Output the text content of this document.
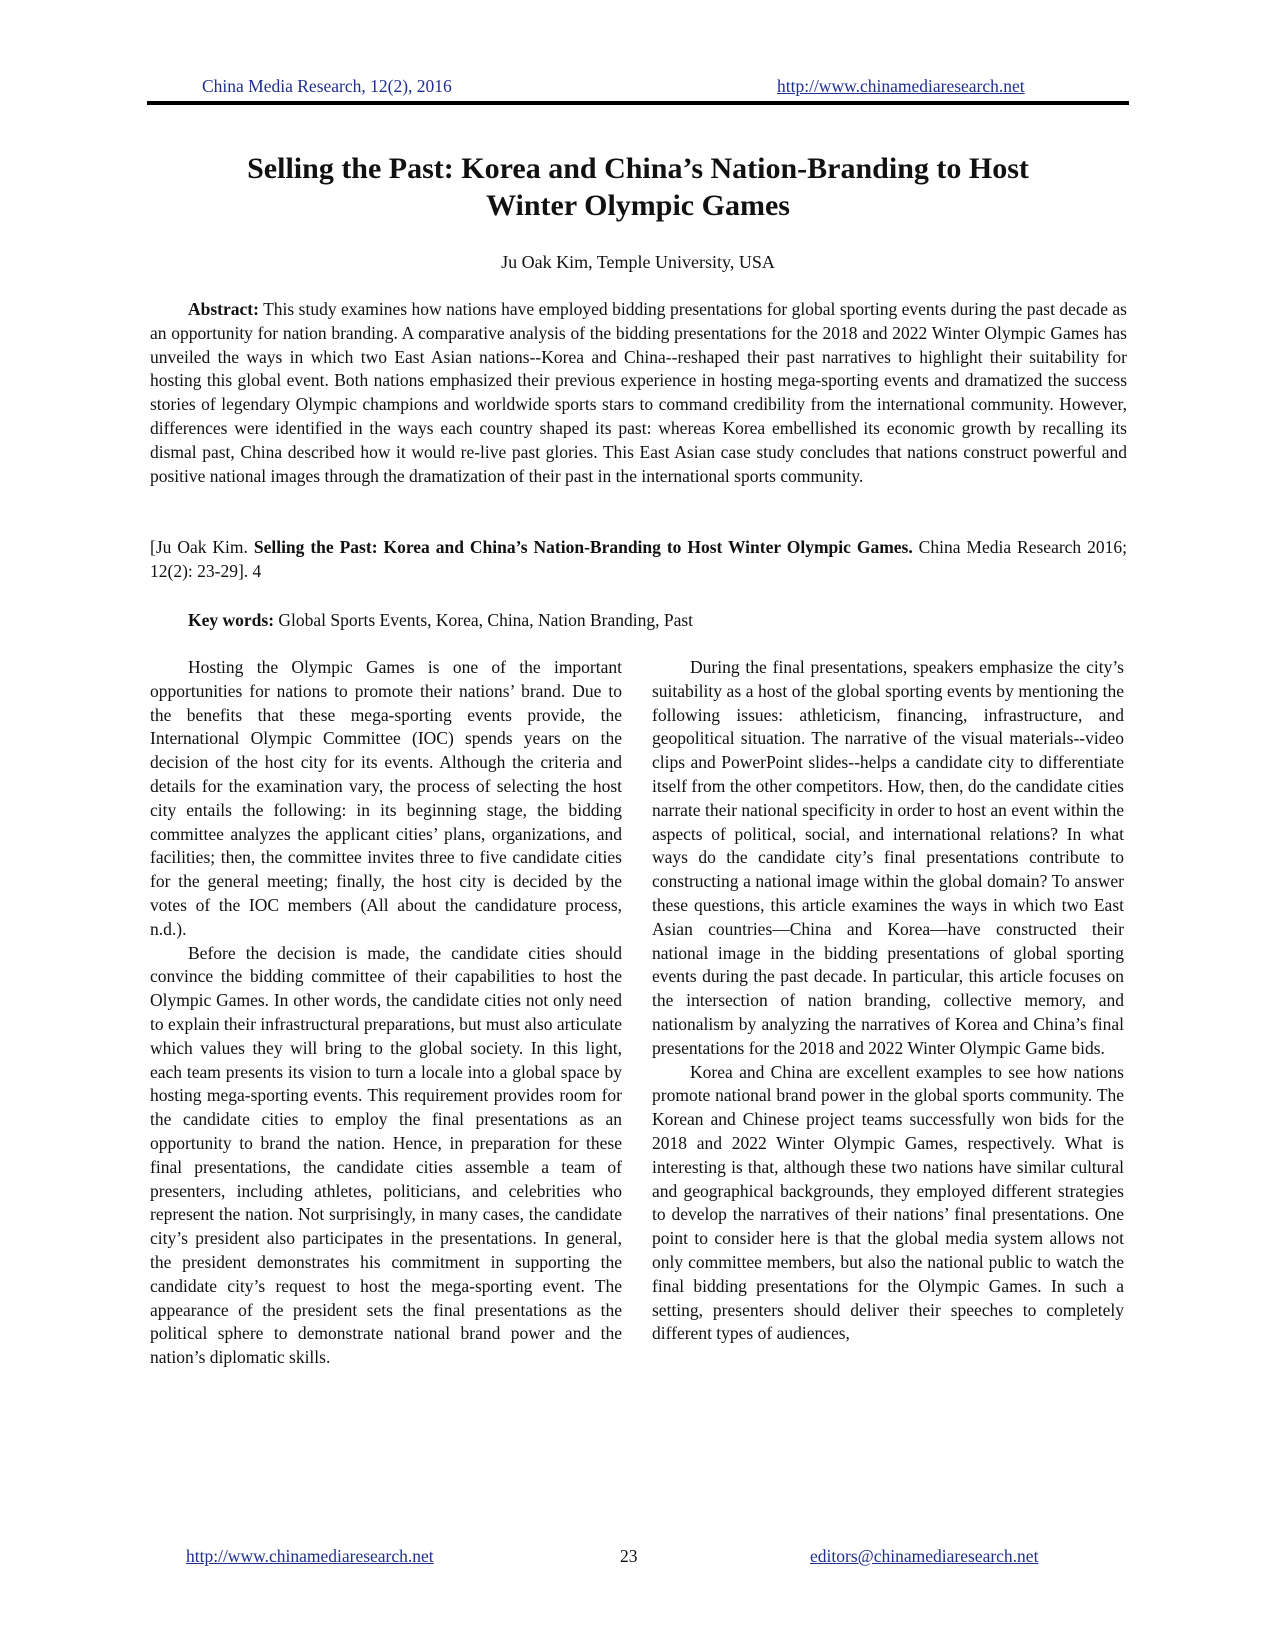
China Media Research, 12(2), 2016	http://www.chinamediaresearch.net
Selling the Past: Korea and China’s Nation-Branding to Host
Winter Olympic Games
Ju Oak Kim, Temple University, USA

Abstract: This study examines how nations have employed bidding presentations for global sporting events during the past decade as an opportunity for nation branding. A comparative analysis of the bidding presentations for the 2018 and 2022 Winter Olympic Games has unveiled the ways in which two East Asian nations--Korea and China--reshaped their past narratives to highlight their suitability for hosting this global event. Both nations emphasized their previous experience in hosting mega-sporting events and dramatized the success stories of legendary Olympic champions and worldwide sports stars to command credibility from the international community. However, differences were identified in the ways each country shaped its past: whereas Korea embellished its economic growth by recalling its dismal past, China described how it would re-live past glories. This East Asian case study concludes that nations construct powerful and positive national images through the dramatization of their past in the international sports community.

[Ju Oak Kim. Selling the Past: Korea and China’s Nation-Branding to Host Winter Olympic Games. China Media Research 2016; 12(2): 23-29]. 4

Key words: Global Sports Events, Korea, China, Nation Branding, Past

Hosting the Olympic Games is one of the important opportunities for nations to promote their nations’ brand. Due to the benefits that these mega-sporting events provide, the International Olympic Committee (IOC) spends years on the decision of the host city for its events. Although the criteria and details for the examination vary, the process of selecting the host city entails the following: in its beginning stage, the bidding committee analyzes the applicant cities’ plans, organizations, and facilities; then, the committee invites three to five candidate cities for the general meeting; finally, the host city is decided by the votes of the IOC members (All about the candidature process, n.d.).

Before the decision is made, the candidate cities should convince the bidding committee of their capabilities to host the Olympic Games. In other words, the candidate cities not only need to explain their infrastructural preparations, but must also articulate which values they will bring to the global society. In this light, each team presents its vision to turn a locale into a global space by hosting mega-sporting events. This requirement provides room for the candidate cities to employ the final presentations as an opportunity to brand the nation. Hence, in preparation for these final presentations, the candidate cities assemble a team of presenters, including athletes, politicians, and celebrities who represent the nation. Not surprisingly, in many cases, the candidate city’s president also participates in the presentations. In general, the president demonstrates his commitment in supporting the candidate city’s request to host the mega-sporting event. The appearance of the president sets the final presentations as the political sphere to demonstrate national brand power and the nation’s diplomatic skills.

During the final presentations, speakers emphasize the city’s suitability as a host of the global sporting events by mentioning the following issues: athleticism, financing, infrastructure, and geopolitical situation. The narrative of the visual materials--video clips and PowerPoint slides--helps a candidate city to differentiate itself from the other competitors. How, then, do the candidate cities narrate their national specificity in order to host an event within the aspects of political, social, and international relations? In what ways do the candidate city’s final presentations contribute to constructing a national image within the global domain? To answer these questions, this article examines the ways in which two East Asian countries—China and Korea—have constructed their national image in the bidding presentations of global sporting events during the past decade. In particular, this article focuses on the intersection of nation branding, collective memory, and nationalism by analyzing the narratives of Korea and China’s final presentations for the 2018 and 2022 Winter Olympic Game bids.

Korea and China are excellent examples to see how nations promote national brand power in the global sports community. The Korean and Chinese project teams successfully won bids for the 2018 and 2022 Winter Olympic Games, respectively. What is interesting is that, although these two nations have similar cultural and geographical backgrounds, they employed different strategies to develop the narratives of their nations’ final presentations. One point to consider here is that the global media system allows not only committee members, but also the national public to watch the final bidding presentations for the Olympic Games. In such a setting, presenters should deliver their speeches to completely different types of audiences,

http://www.chinamediaresearch.net	23	editors@chinamediaresearch.net
